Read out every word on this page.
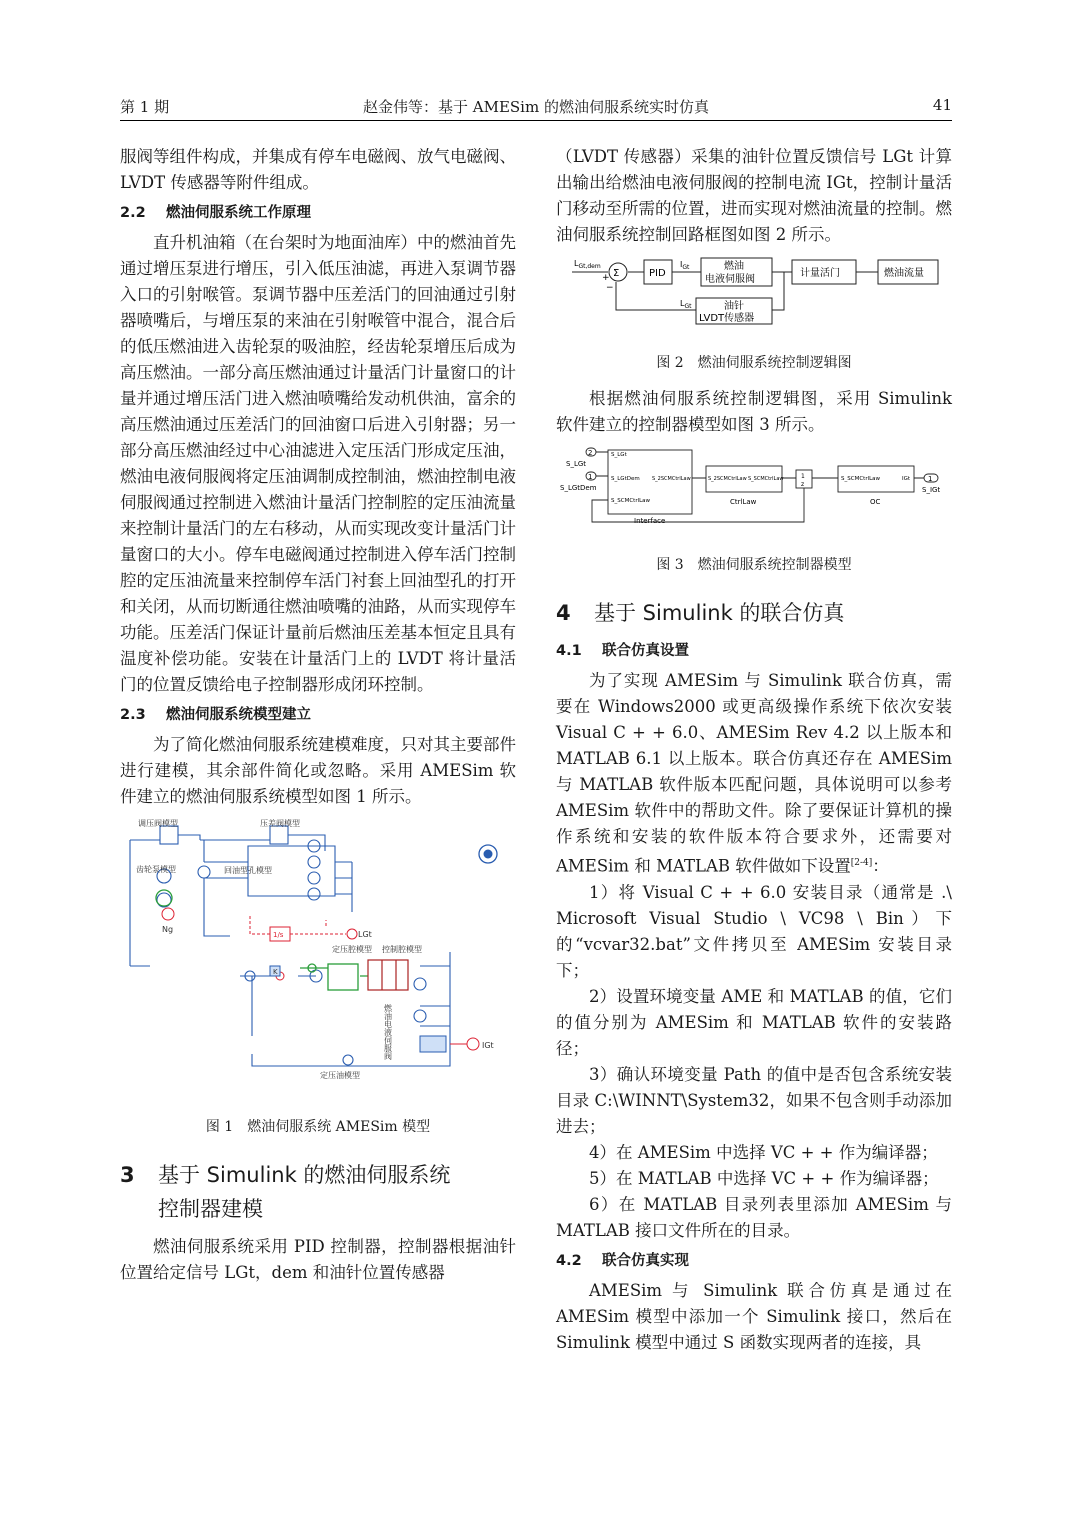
第 1 期	赵金伟等：基于 AMESim 的燃油伺服系统实时仿真	41

服阀等组件构成，并集成有停车电磁阀、放气电磁阀、LVDT 传感器等附件组成。

2.2 燃油伺服系统工作原理

直升机油箱（在台架时为地面油库）中的燃油首先通过增压泵进行增压，引入低压油滤，再进入泵调节器入口的引射喉管。泵调节器中压差活门的回油通过引射器喷嘴后，与增压泵的来油在引射喉管中混合，混合后的低压燃油进入齿轮泵的吸油腔，经齿轮泵增压后成为高压燃油。一部分高压燃油通过计量活门计量窗口的计量并通过增压活门进入燃油喷嘴给发动机供油，富余的高压燃油通过压差活门的回油窗口后进入引射器；另一部分高压燃油经过中心油滤进入定压活门形成定压油，燃油电液伺服阀将定压油调制成控制油，燃油控制电液伺服阀通过控制进入燃油计量活门控制腔的定压油流量来控制计量活门的左右移动，从而实现改变计量活门计量窗口的大小。停车电磁阀通过控制进入停车活门控制腔的定压油流量来控制停车活门衬套上回油型孔的打开和关闭，从而切断通往燃油喷嘴的油路，从而实现停车功能。压差活门保证计量前后燃油压差基本恒定且具有温度补偿功能。安装在计量活门上的 LVDT 将计量活门的位置反馈给电子控制器形成闭环控制。

2.3 燃油伺服系统模型建立

为了简化燃油伺服系统建模难度，只对其主要部件进行建模，其余部件简化或忽略。采用 AMESim 软件建立的燃油伺服系统模型如图 1 所示。

调压阀模型	压差阀模型
齿轮泵模型	回油型孔模型
Ng
LGt
定压腔模型 控制腔模型
燃油电液伺服阀	IGt
定压油模型
K
1/s
图 1　燃油伺服系统 AMESim 模型
3 基于 Simulink 的燃油伺服系统
控制器建模

燃油伺服系统采用 PID 控制器，控制器根据油针位置给定信号 LGt，dem 和油针位置传感器

（LVDT 传感器）采集的油针位置反馈信号 LGt 计算出输出给燃油电液伺服阀的控制电流 IGt，控制计量活门移动至所需的位置，进而实现对燃油流量的控制。燃油伺服系统控制回路框图如图 2 所示。

$L_{Gt,dem}$
Σ
+
−
PID
$I_{Gt}$	燃油
电液伺服阀
计量活门	燃油流量
$L_{Gt}$	油针
LVDT传感器
图 2　燃油伺服系统控制逻辑图

根据燃油伺服系统控制逻辑图，采用 Simulink 软件建立的控制器模型如图 3 所示。

2
S_LGt
1
S_LGtDem
S_LGt
S_LGtDem S_2SCMCtrlLaw
S_SCMCtrlLaw
Interface
S_2SCMCtrlLaw S_SCMCtrlLaw
CtrlLaw
1
z
S_SCMCtrlLaw	IGt
OC
1
S_IGt
图 3　燃油伺服系统控制器模型
4 基于 Simulink 的联合仿真
4.1 联合仿真设置

为了实现 AMESim 与 Simulink 联合仿真，需要在 Windows2000 或更高级操作系统下依次安装 Visual C + + 6.0、AMESim Rev 4.2 以上版本和 MATLAB 6.1 以上版本。联合仿真还存在 AMESim 与 MATLAB 软件版本匹配问题，具体说明可以参考 AMESim 软件中的帮助文件。除了要保证计算机的操作系统和安装的软件版本符合要求外，还需要对 AMESim 和 MATLAB 软件做如下设置[2-4]：

1）将 Visual C + + 6.0 安装目录（通常是 .\ Microsoft Visual Studio \ VC98 \ Bin）下的“vcvar32.bat”文件拷贝至 AMESim 安装目录下；

2）设置环境变量 AME 和 MATLAB 的值，它们的值分别为 AMESim 和 MATLAB 软件的安装路径；

3）确认环境变量 Path 的值中是否包含系统安装目录 C:\WINNT\System32，如果不包含则手动添加进去；

4）在 AMESim 中选择 VC + + 作为编译器；

5）在 MATLAB 中选择 VC + + 作为编译器；

6）在 MATLAB 目录列表里添加 AMESim 与 MATLAB 接口文件所在的目录。

4.2 联合仿真实现

AMESim 与 Simulink 联合仿真是通过在 AMESim 模型中添加一个 Simulink 接口，然后在 Simulink 模型中通过 S 函数实现两者的连接，具
